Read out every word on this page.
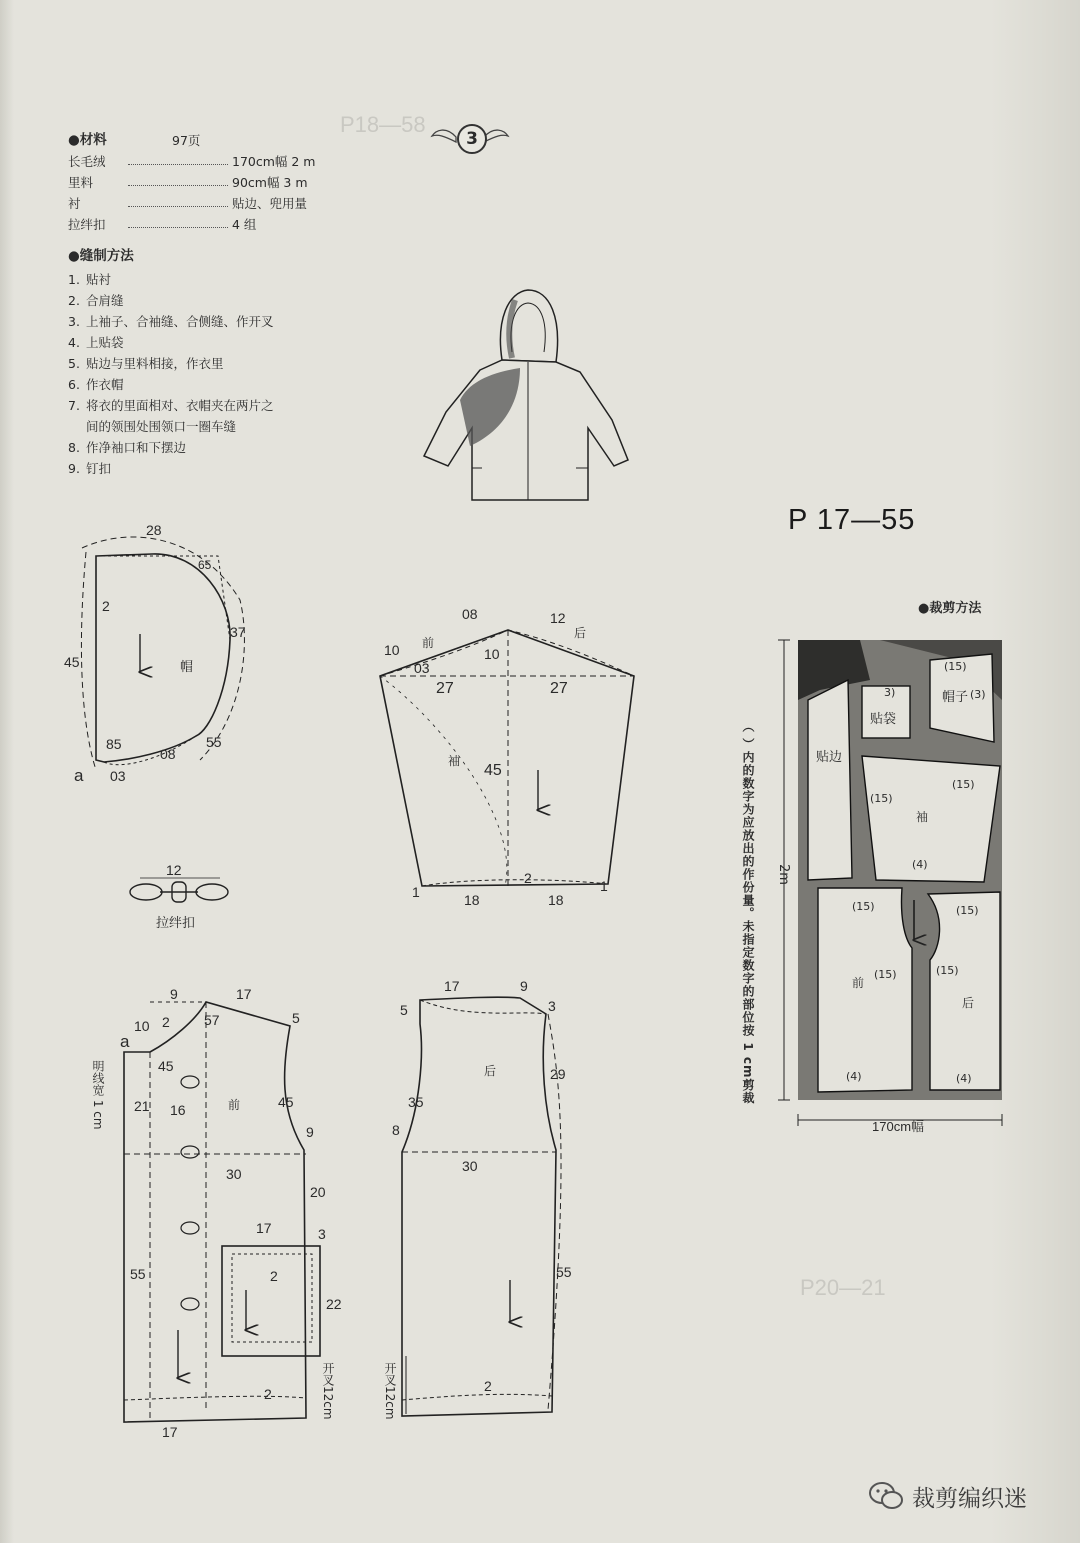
P18—58
P20—21
3
●材料	97页
长毛绒	170cm幅 2 m
里料	90cm幅 3 m
衬	贴边、兜用量
拉绊扣	4 组
●缝制方法
1. 贴衬
2. 合肩缝
3. 上袖子、合袖缝、合侧缝、作开叉
4. 上贴袋
5. 贴边与里料相接，作衣里
6. 作衣帽
7. 将衣的里面相对、衣帽夹在两片之间的领围处围领口一圈车缝
8. 作净袖口和下摆边
9. 钉扣
P 17—55
28
65
37
45
2
帽
85
08
55
a 03
08
前
12
后
10	10
03
27	27
袖
45
1
2	1
18	18
12
拉绊扣
9	17
5
10 2 57
a
45
21 16	前	45
9
30
20
17	3
2
22
55
2
17
明线宽 1 cm
开叉12cm
17	9
5	3
后	29
35
8
30
55
2
开叉12cm
●裁剪方法
（ ）内的数字为应放出的作份量。未指定数字的部位按 1 cm剪裁 2m
170cm幅
贴边
3)
贴袋
(15)
帽子 (3)
(15)
(15)
袖
(4)
(15)
(15)
前
(4)
(15)
(15)
后
(4)
裁剪编织迷
